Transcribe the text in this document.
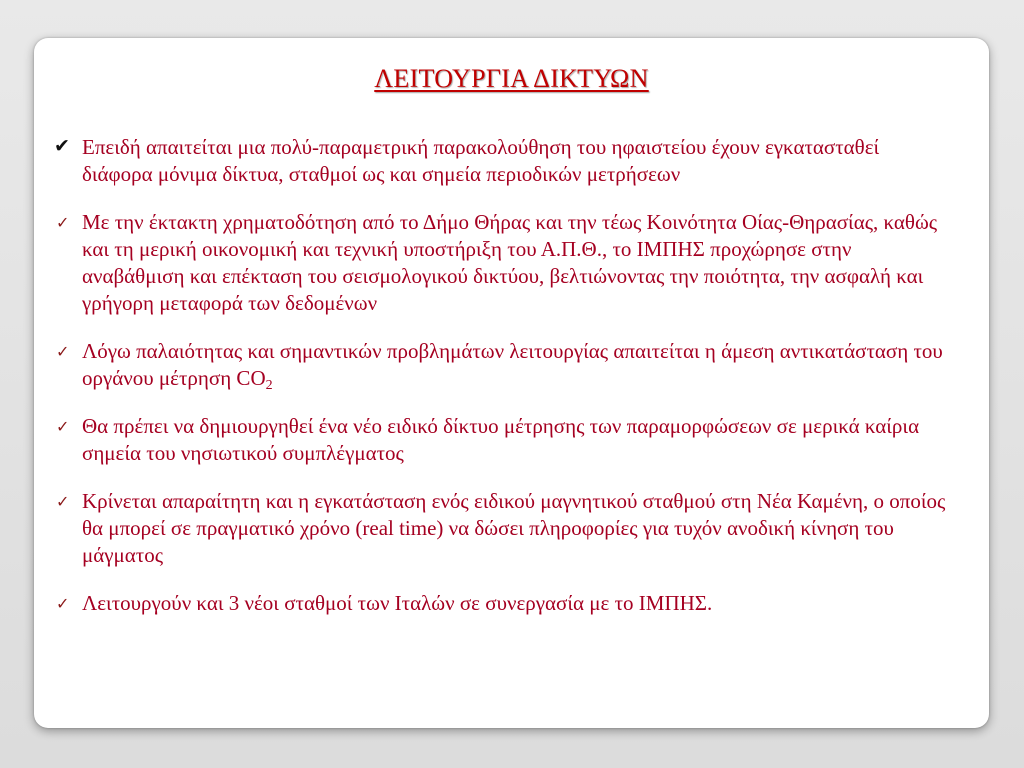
ΛΕΙΤΟΥΡΓΙΑ ΔΙΚΤΥΩΝ
✔ Επειδή απαιτείται μια πολύ-παραμετρική παρακολούθηση του ηφαιστείου έχουν εγκατασταθεί διάφορα μόνιμα δίκτυα, σταθμοί ως και σημεία περιοδικών μετρήσεων
✓ Με την έκτακτη χρηματοδότηση από το Δήμο Θήρας και την τέως Κοινότητα Οίας-Θηρασίας, καθώς και τη μερική οικονομική και τεχνική υποστήριξη του Α.Π.Θ., το ΙΜΠΗΣ προχώρησε στην αναβάθμιση και επέκταση του σεισμολογικού δικτύου, βελτιώνοντας την ποιότητα, την ασφαλή και γρήγορη μεταφορά των δεδομένων
✓ Λόγω παλαιότητας και σημαντικών προβλημάτων λειτουργίας απαιτείται η άμεση αντικατάσταση του οργάνου μέτρηση $CO_2$
✓ Θα πρέπει να δημιουργηθεί ένα νέο ειδικό δίκτυο μέτρησης των παραμορφώσεων σε μερικά καίρια σημεία του νησιωτικού συμπλέγματος
✓ Κρίνεται απαραίτητη και η εγκατάσταση ενός ειδικού μαγνητικού σταθμού στη Νέα Καμένη, ο οποίος θα μπορεί σε πραγματικό χρόνο (real time) να δώσει πληροφορίες για τυχόν ανοδική κίνηση του μάγματος
✓ Λειτουργούν και 3 νέοι σταθμοί των Ιταλών σε συνεργασία με το ΙΜΠΗΣ.
